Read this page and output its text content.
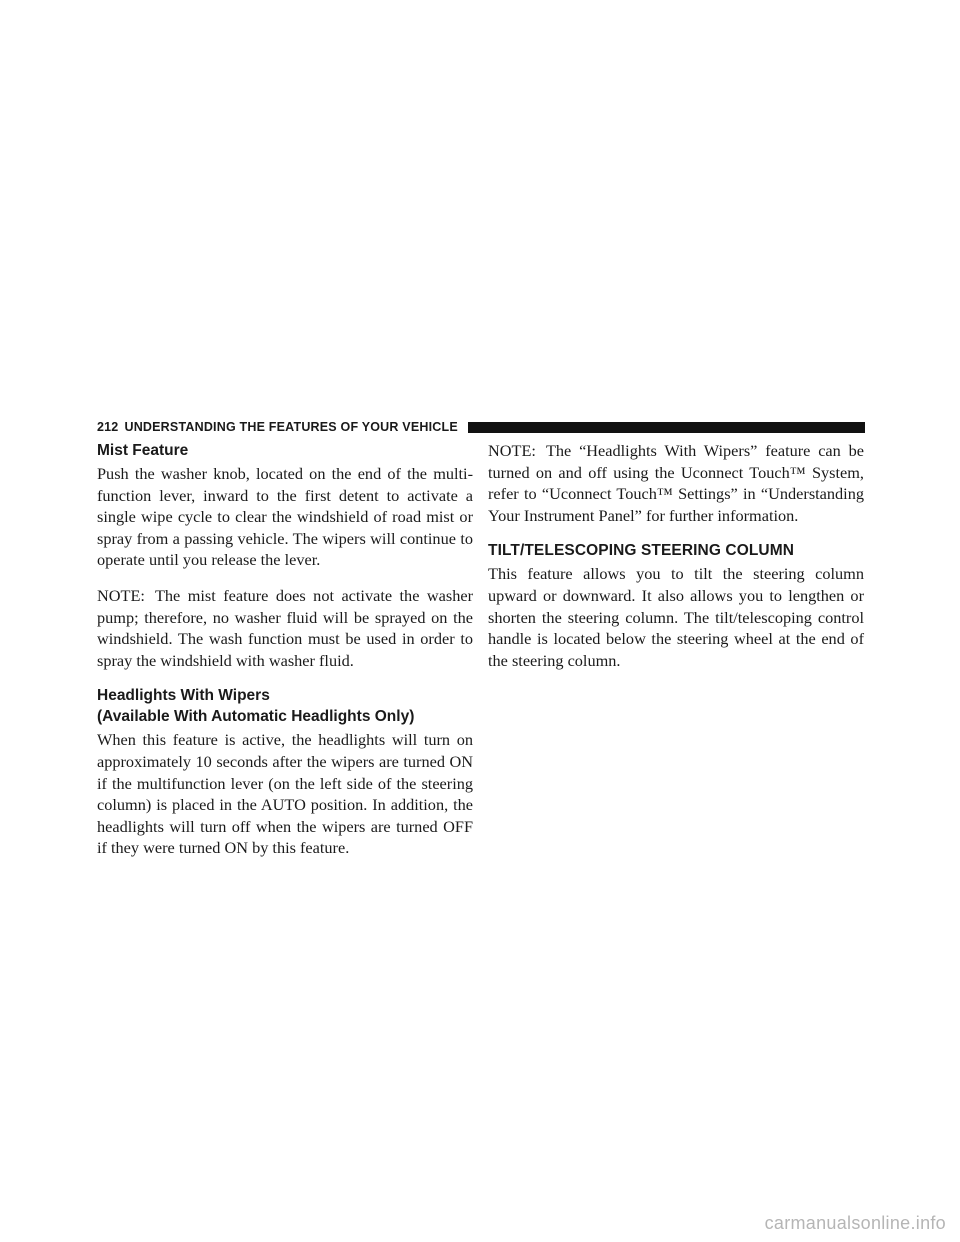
212 UNDERSTANDING THE FEATURES OF YOUR VEHICLE
Mist Feature

Push the washer knob, located on the end of the multi-function lever, inward to the first detent to activate a single wipe cycle to clear the windshield of road mist or spray from a passing vehicle. The wipers will continue to operate until you release the lever.

NOTE: The mist feature does not activate the washer pump; therefore, no washer fluid will be sprayed on the windshield. The wash function must be used in order to spray the windshield with washer fluid.

Headlights With Wipers
(Available With Automatic Headlights Only)

When this feature is active, the headlights will turn on approximately 10 seconds after the wipers are turned ON if the multifunction lever (on the left side of the steering column) is placed in the AUTO position. In addition, the headlights will turn off when the wipers are turned OFF if they were turned ON by this feature.

NOTE: The “Headlights With Wipers” feature can be turned on and off using the Uconnect Touch™ System, refer to “Uconnect Touch™ Settings” in “Understanding Your Instrument Panel” for further information.

TILT/TELESCOPING STEERING COLUMN

This feature allows you to tilt the steering column upward or downward. It also allows you to lengthen or shorten the steering column. The tilt/telescoping control handle is located below the steering wheel at the end of the steering column.

carmanualsonline.info
